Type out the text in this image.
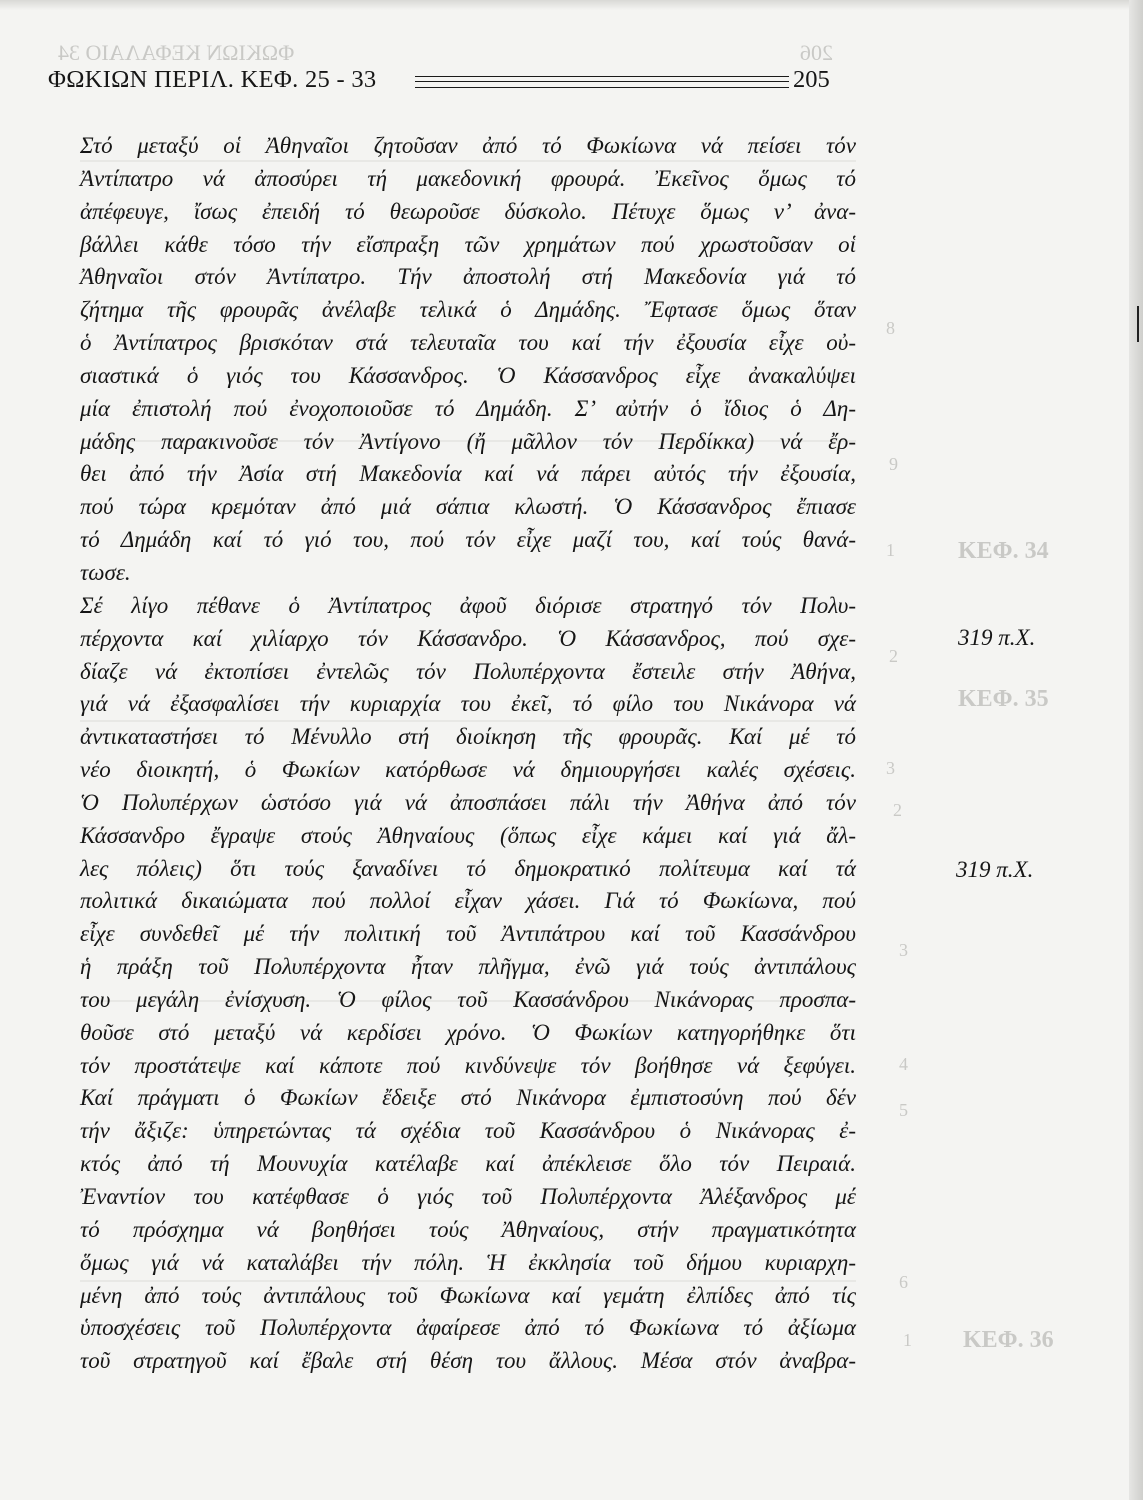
ΚΕΦ. 34
ΚΕΦ. 35
ΚΕΦ. 36
8
9
1
2
3
2
3
4
5
6
1
ΦΩΚΙΩΝ ΚΕΦΑΛΑΙΟ 34	206
ΦΩΚΙΩΝ ΠΕΡΙΛ. ΚΕΦ. 25 - 33	205
Στό μεταξύ οἱ Ἀθηναῖοι ζητοῦσαν ἀπό τό Φωκίωνα νά πείσει τόν
Ἀντίπατρο νά ἀποσύρει τή μακεδονική φρουρά. Ἐκεῖνος ὅμως τό
ἀπέφευγε, ἴσως ἐπειδή τό θεωροῦσε δύσκολο. Πέτυχε ὅμως ν’ ἀνα-
βάλλει κάθε τόσο τήν εἴσπραξη τῶν χρημάτων πού χρωστοῦσαν οἱ
Ἀθηναῖοι στόν Ἀντίπατρο. Τήν ἀποστολή στή Μακεδονία γιά τό
ζήτημα τῆς φρουρᾶς ἀνέλαβε τελικά ὁ Δημάδης. Ἔφτασε ὅμως ὅταν
ὁ Ἀντίπατρος βρισκόταν στά τελευταῖα του καί τήν ἐξουσία εἶχε οὐ-
σιαστικά ὁ γιός του Κάσσανδρος. Ὁ Κάσσανδρος εἶχε ἀνακαλύψει
μία ἐπιστολή πού ἐνοχοποιοῦσε τό Δημάδη. Σ’ αὐτήν ὁ ἴδιος ὁ Δη-
μάδης παρακινοῦσε τόν Ἀντίγονο (ἤ μᾶλλον τόν Περδίκκα) νά ἔρ-
θει ἀπό τήν Ἀσία στή Μακεδονία καί νά πάρει αὐτός τήν ἐξουσία,
πού τώρα κρεμόταν ἀπό μιά σάπια κλωστή. Ὁ Κάσσανδρος ἔπιασε
τό Δημάδη καί τό γιό του, πού τόν εἶχε μαζί του, καί τούς θανά-
τωσε.
Σέ λίγο πέθανε ὁ Ἀντίπατρος ἀφοῦ διόρισε στρατηγό τόν Πολυ-
πέρχοντα καί χιλίαρχο τόν Κάσσανδρο. Ὁ Κάσσανδρος, πού σχε-
δίαζε νά ἐκτοπίσει ἐντελῶς τόν Πολυπέρχοντα ἔστειλε στήν Ἀθήνα,
γιά νά ἐξασφαλίσει τήν κυριαρχία του ἐκεῖ, τό φίλο του Νικάνορα νά
ἀντικαταστήσει τό Μένυλλο στή διοίκηση τῆς φρουρᾶς. Καί μέ τό
νέο διοικητή, ὁ Φωκίων κατόρθωσε νά δημιουργήσει καλές σχέσεις.
Ὁ Πολυπέρχων ὡστόσο γιά νά ἀποσπάσει πάλι τήν Ἀθήνα ἀπό τόν
Κάσσανδρο ἔγραψε στούς Ἀθηναίους (ὅπως εἶχε κάμει καί γιά ἄλ-
λες πόλεις) ὅτι τούς ξαναδίνει τό δημοκρατικό πολίτευμα καί τά
πολιτικά δικαιώματα πού πολλοί εἶχαν χάσει. Γιά τό Φωκίωνα, πού
εἶχε συνδεθεῖ μέ τήν πολιτική τοῦ Ἀντιπάτρου καί τοῦ Κασσάνδρου
ἡ πράξη τοῦ Πολυπέρχοντα ἦταν πλῆγμα, ἐνῶ γιά τούς ἀντιπάλους
του μεγάλη ἐνίσχυση. Ὁ φίλος τοῦ Κασσάνδρου Νικάνορας προσπα-
θοῦσε στό μεταξύ νά κερδίσει χρόνο. Ὁ Φωκίων κατηγορήθηκε ὅτι
τόν προστάτεψε καί κάποτε πού κινδύνεψε τόν βοήθησε νά ξεφύγει.
Καί πράγματι ὁ Φωκίων ἔδειξε στό Νικάνορα ἐμπιστοσύνη πού δέν
τήν ἄξιζε: ὑπηρετώντας τά σχέδια τοῦ Κασσάνδρου ὁ Νικάνορας ἐ-
κτός ἀπό τή Μουνυχία κατέλαβε καί ἀπέκλεισε ὅλο τόν Πειραιά.
Ἐναντίον του κατέφθασε ὁ γιός τοῦ Πολυπέρχοντα Ἀλέξανδρος μέ
τό πρόσχημα νά βοηθήσει τούς Ἀθηναίους, στήν πραγματικότητα
ὅμως γιά νά καταλάβει τήν πόλη. Ἡ ἐκκλησία τοῦ δήμου κυριαρχη-
μένη ἀπό τούς ἀντιπάλους τοῦ Φωκίωνα καί γεμάτη ἐλπίδες ἀπό τίς
ὑποσχέσεις τοῦ Πολυπέρχοντα ἀφαίρεσε ἀπό τό Φωκίωνα τό ἀξίωμα
τοῦ στρατηγοῦ καί ἔβαλε στή θέση του ἄλλους. Μέσα στόν ἀναβρα-
319 π.Χ.
319 π.Χ.
